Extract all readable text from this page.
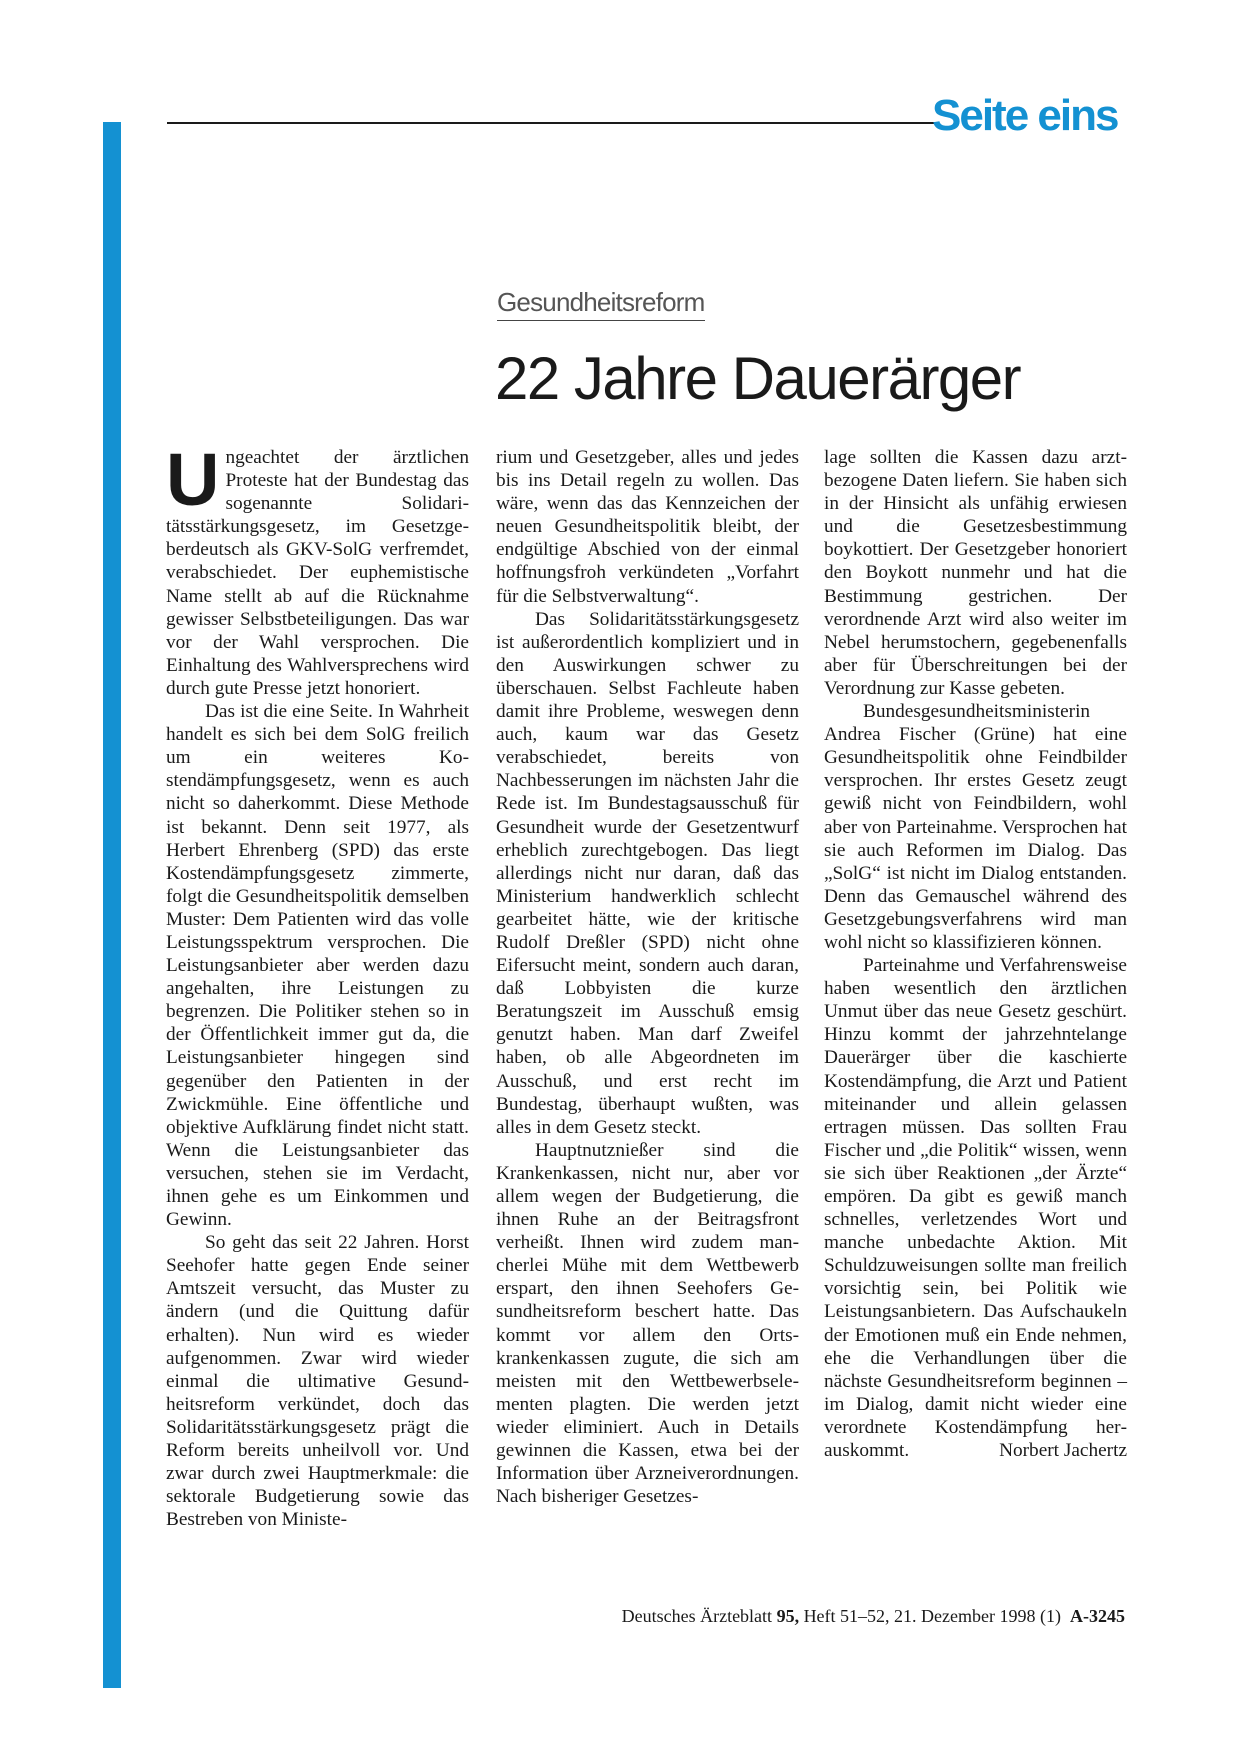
Seite eins
Gesundheitsreform
22 Jahre Dauerärger

Ungeachtet der ärztlichen Proteste hat der Bundestag das sogenannte Solidaritätsstärkungsgesetz, im Gesetzgeberdeutsch als GKV-SolG verfremdet, verabschiedet. Der euphemistische Name stellt ab auf die Rücknahme gewisser Selbstbeteiligungen. Das war vor der Wahl versprochen. Die Einhaltung des Wahlversprechens wird durch gute Presse jetzt honoriert.

Das ist die eine Seite. In Wahrheit handelt es sich bei dem SolG freilich um ein weiteres Kostendämpfungsgesetz, wenn es auch nicht so daherkommt. Diese Methode ist bekannt. Denn seit 1977, als Herbert Ehrenberg (SPD) das erste Kostendämpfungsgesetz zimmerte, folgt die Gesundheitspolitik demselben Muster: Dem Patienten wird das volle Leistungsspektrum versprochen. Die Leistungsanbieter aber werden dazu angehalten, ihre Leistungen zu begrenzen. Die Politiker stehen so in der Öffentlichkeit immer gut da, die Leistungsanbieter hingegen sind gegenüber den Patienten in der Zwickmühle. Eine öffentliche und objektive Aufklärung findet nicht statt. Wenn die Leistungsanbieter das versuchen, stehen sie im Verdacht, ihnen gehe es um Einkommen und Gewinn.

So geht das seit 22 Jahren. Horst Seehofer hatte gegen Ende seiner Amtszeit versucht, das Muster zu ändern (und die Quittung dafür erhalten). Nun wird es wieder aufgenommen. Zwar wird wieder einmal die ultimative Gesundheitsreform verkündet, doch das Solidaritätsstärkungsgesetz prägt die Reform bereits unheilvoll vor. Und zwar durch zwei Hauptmerkmale: die sektorale Budgetierung sowie das Bestreben von Ministe-

rium und Gesetzgeber, alles und jedes bis ins Detail regeln zu wollen. Das wäre, wenn das das Kennzeichen der neuen Gesundheitspolitik bleibt, der endgültige Abschied von der einmal hoffnungsfroh verkündeten „Vorfahrt für die Selbstverwaltung“.

Das Solidaritätsstärkungsgesetz ist außerordentlich kompliziert und in den Auswirkungen schwer zu überschauen. Selbst Fachleute haben damit ihre Probleme, weswegen denn auch, kaum war das Gesetz verabschiedet, bereits von Nachbesserungen im nächsten Jahr die Rede ist. Im Bundestagsausschuß für Gesundheit wurde der Gesetzentwurf erheblich zurechtgebogen. Das liegt allerdings nicht nur daran, daß das Ministerium handwerklich schlecht gearbeitet hätte, wie der kritische Rudolf Dreßler (SPD) nicht ohne Eifersucht meint, sondern auch daran, daß Lobbyisten die kurze Beratungszeit im Ausschuß emsig genutzt haben. Man darf Zweifel haben, ob alle Abgeordneten im Ausschuß, und erst recht im Bundestag, überhaupt wußten, was alles in dem Gesetz steckt.

Hauptnutznießer sind die Krankenkassen, nicht nur, aber vor allem wegen der Budgetierung, die ihnen Ruhe an der Beitragsfront verheißt. Ihnen wird zudem mancherlei Mühe mit dem Wettbewerb erspart, den ihnen Seehofers Gesundheitsreform beschert hatte. Das kommt vor allem den Ortskrankenkassen zugute, die sich am meisten mit den Wettbewerbselementen plagten. Die werden jetzt wieder eliminiert. Auch in Details gewinnen die Kassen, etwa bei der Information über Arzneiverordnungen. Nach bisheriger Gesetzes-

lage sollten die Kassen dazu arztbezogene Daten liefern. Sie haben sich in der Hinsicht als unfähig erwiesen und die Gesetzesbestimmung boykottiert. Der Gesetzgeber honoriert den Boykott nunmehr und hat die Bestimmung gestrichen. Der verordnende Arzt wird also weiter im Nebel herumstochern, gegebenenfalls aber für Überschreitungen bei der Verordnung zur Kasse gebeten.

Bundesgesundheitsministerin Andrea Fischer (Grüne) hat eine Gesundheitspolitik ohne Feindbilder versprochen. Ihr erstes Gesetz zeugt gewiß nicht von Feindbildern, wohl aber von Parteinahme. Versprochen hat sie auch Reformen im Dialog. Das „SolG“ ist nicht im Dialog entstanden. Denn das Gemauschel während des Gesetzgebungsverfahrens wird man wohl nicht so klassifizieren können.

Parteinahme und Verfahrensweise haben wesentlich den ärztlichen Unmut über das neue Gesetz geschürt. Hinzu kommt der jahrzehntelange Dauerärger über die kaschierte Kostendämpfung, die Arzt und Patient miteinander und allein gelassen ertragen müssen. Das sollten Frau Fischer und „die Politik“ wissen, wenn sie sich über Reaktionen „der Ärzte“ empören. Da gibt es gewiß manch schnelles, verletzendes Wort und manche unbedachte Aktion. Mit Schuldzuweisungen sollte man freilich vorsichtig sein, bei Politik wie Leistungsanbietern. Das Aufschaukeln der Emotionen muß ein Ende nehmen, ehe die Verhandlungen über die nächste Gesundheitsreform beginnen – im Dialog, damit nicht wieder eine verordnete Kostendämpfung herauskommt.	Norbert Jachertz

Deutsches Ärzteblatt 95, Heft 51–52, 21. Dezember 1998 (1) A-3245
